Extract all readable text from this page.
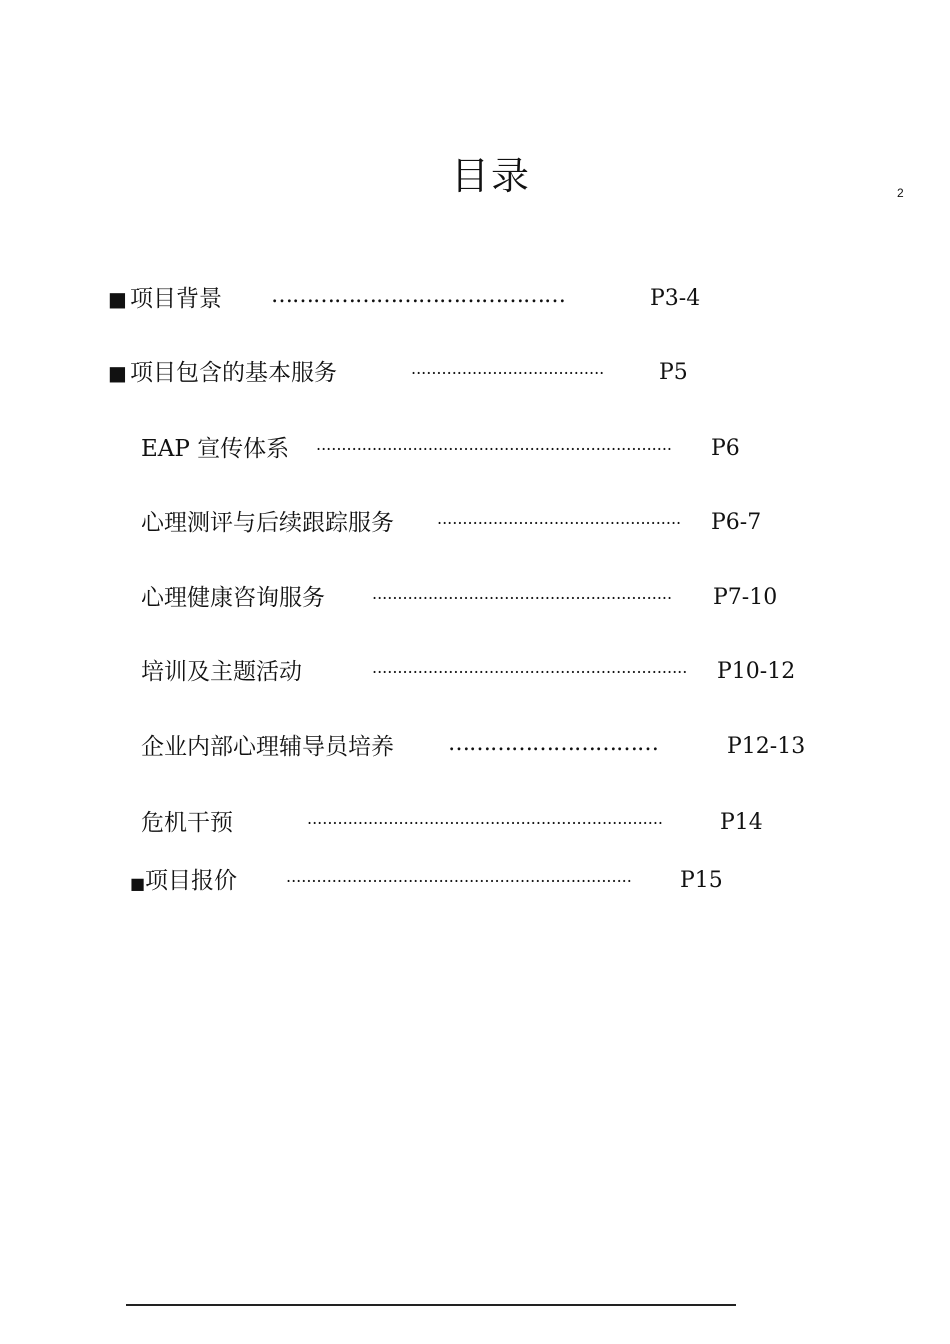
目录	2
■ 项目背景 ……………………………………	P3-4
■ 项目包含的基本服务	......................................	P5
EAP 宣传体系 ......................................................................	P6
心理测评与后续跟踪服务	................................................	P6-7
心理健康咨询服务	...........................................................	P7-10
培训及主题活动	..............................................................	P10-12
企业内部心理辅导员培养 …………………………	P12-13
危机干预	......................................................................	P14
■ 项目报价	....................................................................	P15
